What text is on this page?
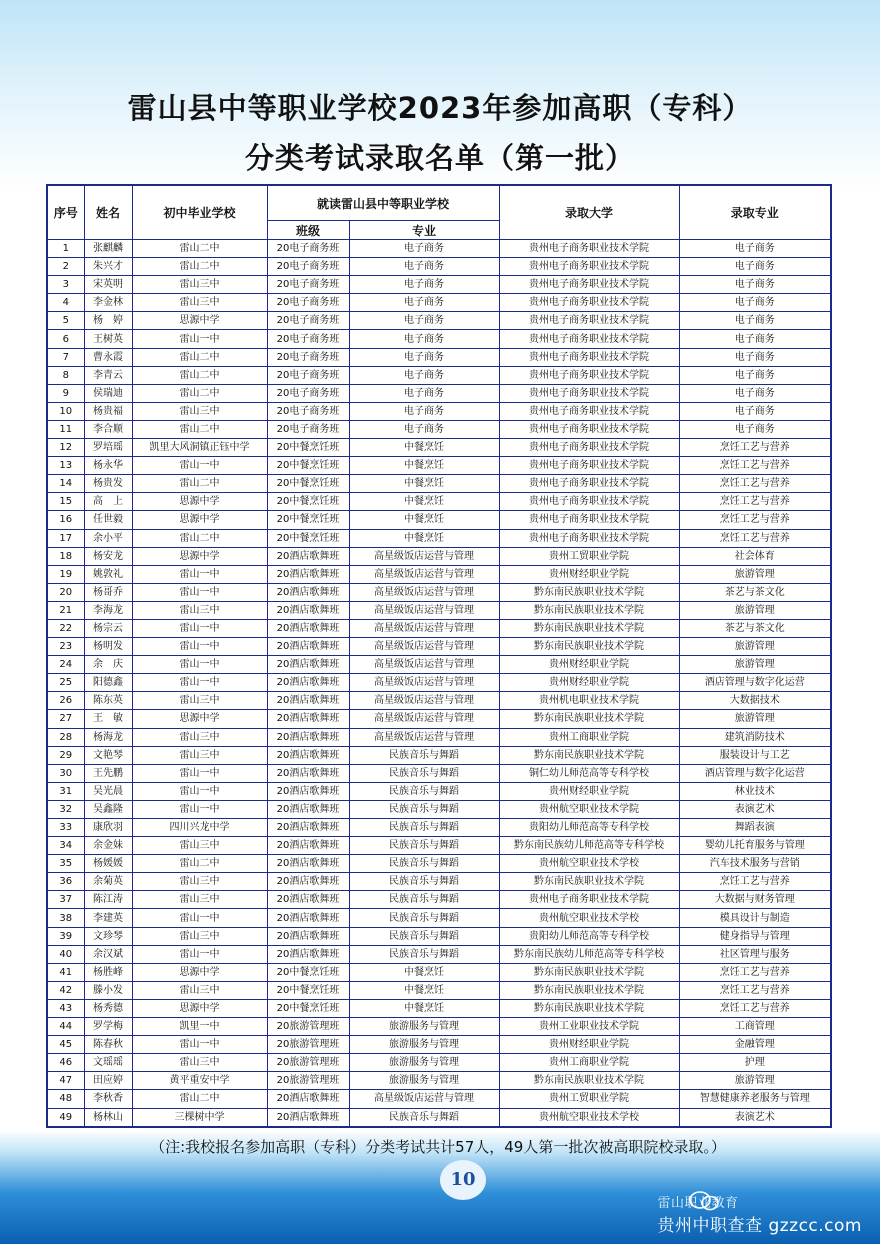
雷山县中等职业学校2023年参加高职（专科）
分类考试录取名单（第一批）
序号	姓名	初中毕业学校	就读雷山县中等职业学校		录取大学	录取专业
			班级	专业		
1	张麒麟	雷山二中	20电子商务班	电子商务	贵州电子商务职业技术学院	电子商务
2	朱兴才	雷山二中	20电子商务班	电子商务	贵州电子商务职业技术学院	电子商务
3	宋英明	雷山三中	20电子商务班	电子商务	贵州电子商务职业技术学院	电子商务
4	李金林	雷山三中	20电子商务班	电子商务	贵州电子商务职业技术学院	电子商务
5	杨　婷	思源中学	20电子商务班	电子商务	贵州电子商务职业技术学院	电子商务
6	王树英	雷山一中	20电子商务班	电子商务	贵州电子商务职业技术学院	电子商务
7	曹永霞	雷山二中	20电子商务班	电子商务	贵州电子商务职业技术学院	电子商务
8	李青云	雷山二中	20电子商务班	电子商务	贵州电子商务职业技术学院	电子商务
9	侯瑞迪	雷山二中	20电子商务班	电子商务	贵州电子商务职业技术学院	电子商务
10	杨贵福	雷山三中	20电子商务班	电子商务	贵州电子商务职业技术学院	电子商务
11	李合顺	雷山二中	20电子商务班	电子商务	贵州电子商务职业技术学院	电子商务
12	罗培瑶	凯里大风洞镇正钰中学	20中餐烹饪班	中餐烹饪	贵州电子商务职业技术学院	烹饪工艺与营养
13	杨永华	雷山一中	20中餐烹饪班	中餐烹饪	贵州电子商务职业技术学院	烹饪工艺与营养
14	杨贵发	雷山二中	20中餐烹饪班	中餐烹饪	贵州电子商务职业技术学院	烹饪工艺与营养
15	高　上	思源中学	20中餐烹饪班	中餐烹饪	贵州电子商务职业技术学院	烹饪工艺与营养
16	任世毅	思源中学	20中餐烹饪班	中餐烹饪	贵州电子商务职业技术学院	烹饪工艺与营养
17	余小平	雷山二中	20中餐烹饪班	中餐烹饪	贵州电子商务职业技术学院	烹饪工艺与营养
18	杨安龙	思源中学	20酒店歌舞班	高星级饭店运营与管理	贵州工贸职业学院	社会体育
19	姚敦礼	雷山一中	20酒店歌舞班	高星级饭店运营与管理	贵州财经职业学院	旅游管理
20	杨哥乔	雷山一中	20酒店歌舞班	高星级饭店运营与管理	黔东南民族职业技术学院	茶艺与茶文化
21	李海龙	雷山三中	20酒店歌舞班	高星级饭店运营与管理	黔东南民族职业技术学院	旅游管理
22	杨宗云	雷山一中	20酒店歌舞班	高星级饭店运营与管理	黔东南民族职业技术学院	茶艺与茶文化
23	杨明发	雷山一中	20酒店歌舞班	高星级饭店运营与管理	黔东南民族职业技术学院	旅游管理
24	余　庆	雷山一中	20酒店歌舞班	高星级饭店运营与管理	贵州财经职业学院	旅游管理
25	阳德鑫	雷山一中	20酒店歌舞班	高星级饭店运营与管理	贵州财经职业学院	酒店管理与数字化运营
26	陈东英	雷山三中	20酒店歌舞班	高星级饭店运营与管理	贵州机电职业技术学院	大数据技术
27	王　敏	思源中学	20酒店歌舞班	高星级饭店运营与管理	黔东南民族职业技术学院	旅游管理
28	杨海龙	雷山三中	20酒店歌舞班	高星级饭店运营与管理	贵州工商职业学院	建筑消防技术
29	文艳琴	雷山三中	20酒店歌舞班	民族音乐与舞蹈	黔东南民族职业技术学院	服装设计与工艺
30	王先鹏	雷山一中	20酒店歌舞班	民族音乐与舞蹈	铜仁幼儿师范高等专科学校	酒店管理与数字化运营
31	吴光晨	雷山一中	20酒店歌舞班	民族音乐与舞蹈	贵州财经职业学院	林业技术
32	吴鑫隆	雷山一中	20酒店歌舞班	民族音乐与舞蹈	贵州航空职业技术学院	表演艺术
33	康欣羽	四川兴龙中学	20酒店歌舞班	民族音乐与舞蹈	贵阳幼儿师范高等专科学校	舞蹈表演
34	余金妹	雷山三中	20酒店歌舞班	民族音乐与舞蹈	黔东南民族幼儿师范高等专科学校	婴幼儿托育服务与管理
35	杨媛媛	雷山二中	20酒店歌舞班	民族音乐与舞蹈	贵州航空职业技术学校	汽车技术服务与营销
36	余菊英	雷山三中	20酒店歌舞班	民族音乐与舞蹈	黔东南民族职业技术学院	烹饪工艺与营养
37	陈江涛	雷山三中	20酒店歌舞班	民族音乐与舞蹈	贵州电子商务职业技术学院	大数据与财务管理
38	李建英	雷山一中	20酒店歌舞班	民族音乐与舞蹈	贵州航空职业技术学校	模具设计与制造
39	文珍琴	雷山三中	20酒店歌舞班	民族音乐与舞蹈	贵阳幼儿师范高等专科学校	健身指导与管理
40	余汉斌	雷山一中	20酒店歌舞班	民族音乐与舞蹈	黔东南民族幼儿师范高等专科学校	社区管理与服务
41	杨胜峰	思源中学	20中餐烹饪班	中餐烹饪	黔东南民族职业技术学院	烹饪工艺与营养
42	滕小发	雷山三中	20中餐烹饪班	中餐烹饪	黔东南民族职业技术学院	烹饪工艺与营养
43	杨秀德	思源中学	20中餐烹饪班	中餐烹饪	黔东南民族职业技术学院	烹饪工艺与营养
44	罗学梅	凯里一中	20旅游管理班	旅游服务与管理	贵州工业职业技术学院	工商管理
45	陈春秋	雷山一中	20旅游管理班	旅游服务与管理	贵州财经职业学院	金融管理
46	文瑶瑶	雷山三中	20旅游管理班	旅游服务与管理	贵州工商职业学院	护理
47	田应婷	黄平重安中学	20旅游管理班	旅游服务与管理	黔东南民族职业技术学院	旅游管理
48	李秋香	雷山二中	20酒店歌舞班	高星级饭店运营与管理	贵州工贸职业学院	智慧健康养老服务与管理
49	杨林山	三棵树中学	20酒店歌舞班	民族音乐与舞蹈	贵州航空职业技术学校	表演艺术
（注:我校报名参加高职（专科）分类考试共计57人，49人第一批次被高职院校录取。）
10
雷山职业教育
贵州中职查查 gzzcc.com
